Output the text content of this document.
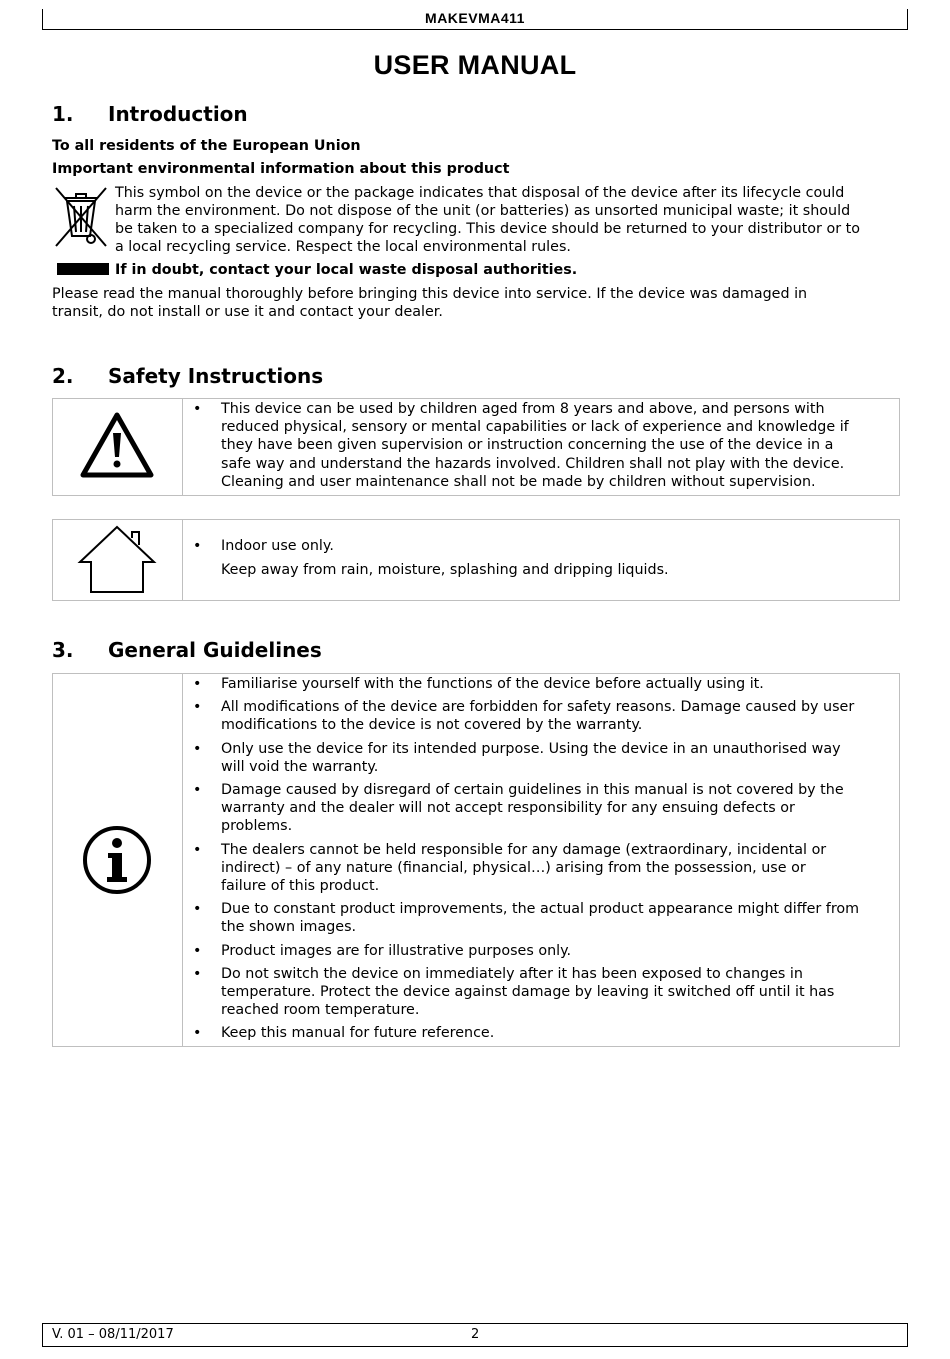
MAKEVMA411
USER MANUAL
1. Introduction
To all residents of the European Union
Important environmental information about this product
This symbol on the device or the package indicates that disposal of the device after its lifecycle could
harm the environment. Do not dispose of the unit (or batteries) as unsorted municipal waste; it should
be taken to a specialized company for recycling. This device should be returned to your distributor or to
a local recycling service. Respect the local environmental rules.
If in doubt, contact your local waste disposal authorities.
Please read the manual thoroughly before bringing this device into service. If the device was damaged in
transit, do not install or use it and contact your dealer.
2. Safety Instructions
•	This device can be used by children aged from 8 years and above, and persons with
reduced physical, sensory or mental capabilities or lack of experience and knowledge if
they have been given supervision or instruction concerning the use of the device in a
safe way and understand the hazards involved. Children shall not play with the device.
Cleaning and user maintenance shall not be made by children without supervision.
•	Indoor use only.
Keep away from rain, moisture, splashing and dripping liquids.
3. General Guidelines
•	Familiarise yourself with the functions of the device before actually using it.
•	All modifications of the device are forbidden for safety reasons. Damage caused by user
modifications to the device is not covered by the warranty.
•	Only use the device for its intended purpose. Using the device in an unauthorised way
will void the warranty.
•	Damage caused by disregard of certain guidelines in this manual is not covered by the
warranty and the dealer will not accept responsibility for any ensuing defects or
problems.
•	The dealers cannot be held responsible for any damage (extraordinary, incidental or
indirect) – of any nature (financial, physical…) arising from the possession, use or
failure of this product.
•	Due to constant product improvements, the actual product appearance might differ from
the shown images.
•	Product images are for illustrative purposes only.
•	Do not switch the device on immediately after it has been exposed to changes in
temperature. Protect the device against damage by leaving it switched off until it has
reached room temperature.
•	Keep this manual for future reference.
V. 01 – 08/11/2017	2
